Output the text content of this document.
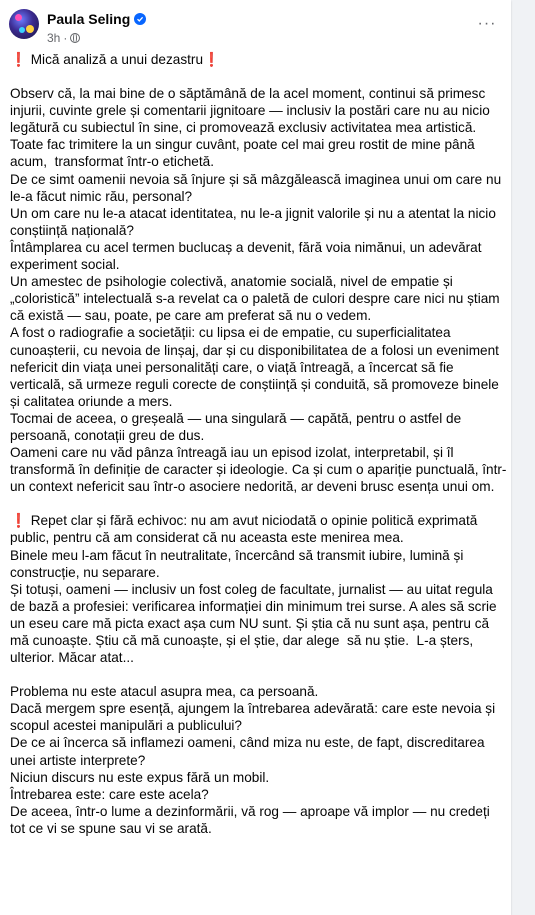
Paula Seling
3h ·
···

❗ Mică analiză a unui dezastru❗

Observ că, la mai bine de o săptămână de la acel moment, continui să primesc injurii, cuvinte grele și comentarii jignitoare — inclusiv la postări care nu au nicio legătură cu subiectul în sine, ci promovează exclusiv activitatea mea artistică.

Toate fac trimitere la un singur cuvânt, poate cel mai greu rostit de mine până acum,  transformat într-o etichetă.

De ce simt oamenii nevoia să înjure și să mâzgălească imaginea unui om care nu le-a făcut nimic rău, personal?

Un om care nu le-a atacat identitatea, nu le-a jignit valorile și nu a atentat la nicio conștiință națională?

Întâmplarea cu acel termen buclucaș a devenit, fără voia nimănui, un adevărat experiment social.

Un amestec de psihologie colectivă, anatomie socială, nivel de empatie și „coloristică” intelectuală s-a revelat ca o paletă de culori despre care nici nu știam că există — sau, poate, pe care am preferat să nu o vedem.

A fost o radiografie a societății: cu lipsa ei de empatie, cu superficialitatea cunoașterii, cu nevoia de linșaj, dar și cu disponibilitatea de a folosi un eveniment nefericit din viața unei personalități care, o viață întreagă, a încercat să fie verticală, să urmeze reguli corecte de conștiință și conduită, să promoveze binele și calitatea oriunde a mers.

Tocmai de aceea, o greșeală — una singulară — capătă, pentru o astfel de persoană, conotații greu de dus.

Oameni care nu văd pânza întreagă iau un episod izolat, interpretabil, și îl transformă în definiție de caracter și ideologie. Ca și cum o apariție punctuală, într-un context nefericit sau într-o asociere nedorită, ar deveni brusc esența unui om.

❗ Repet clar și fără echivoc: nu am avut niciodată o opinie politică exprimată public, pentru că am considerat că nu aceasta este menirea mea.

Binele meu l-am făcut în neutralitate, încercând să transmit iubire, lumină și construcție, nu separare.

Și totuși, oameni — inclusiv un fost coleg de facultate, jurnalist — au uitat regula de bază a profesiei: verificarea informației din minimum trei surse. A ales să scrie un eseu care mă picta exact așa cum NU sunt. Și știa că nu sunt așa, pentru că mă cunoaște. Știu că mă cunoaște, și el știe, dar alege  să nu știe.  L-a șters, ulterior. Măcar atat...

Problema nu este atacul asupra mea, ca persoană.

Dacă mergem spre esență, ajungem la întrebarea adevărată: care este nevoia și scopul acestei manipulări a publicului?

De ce ai încerca să inflamezi oameni, când miza nu este, de fapt, discreditarea unei artiste interprete?

Niciun discurs nu este expus fără un mobil.

Întrebarea este: care este acela?

De aceea, într-o lume a dezinformării, vă rog — aproape vă implor — nu credeți tot ce vi se spune sau vi se arată.
